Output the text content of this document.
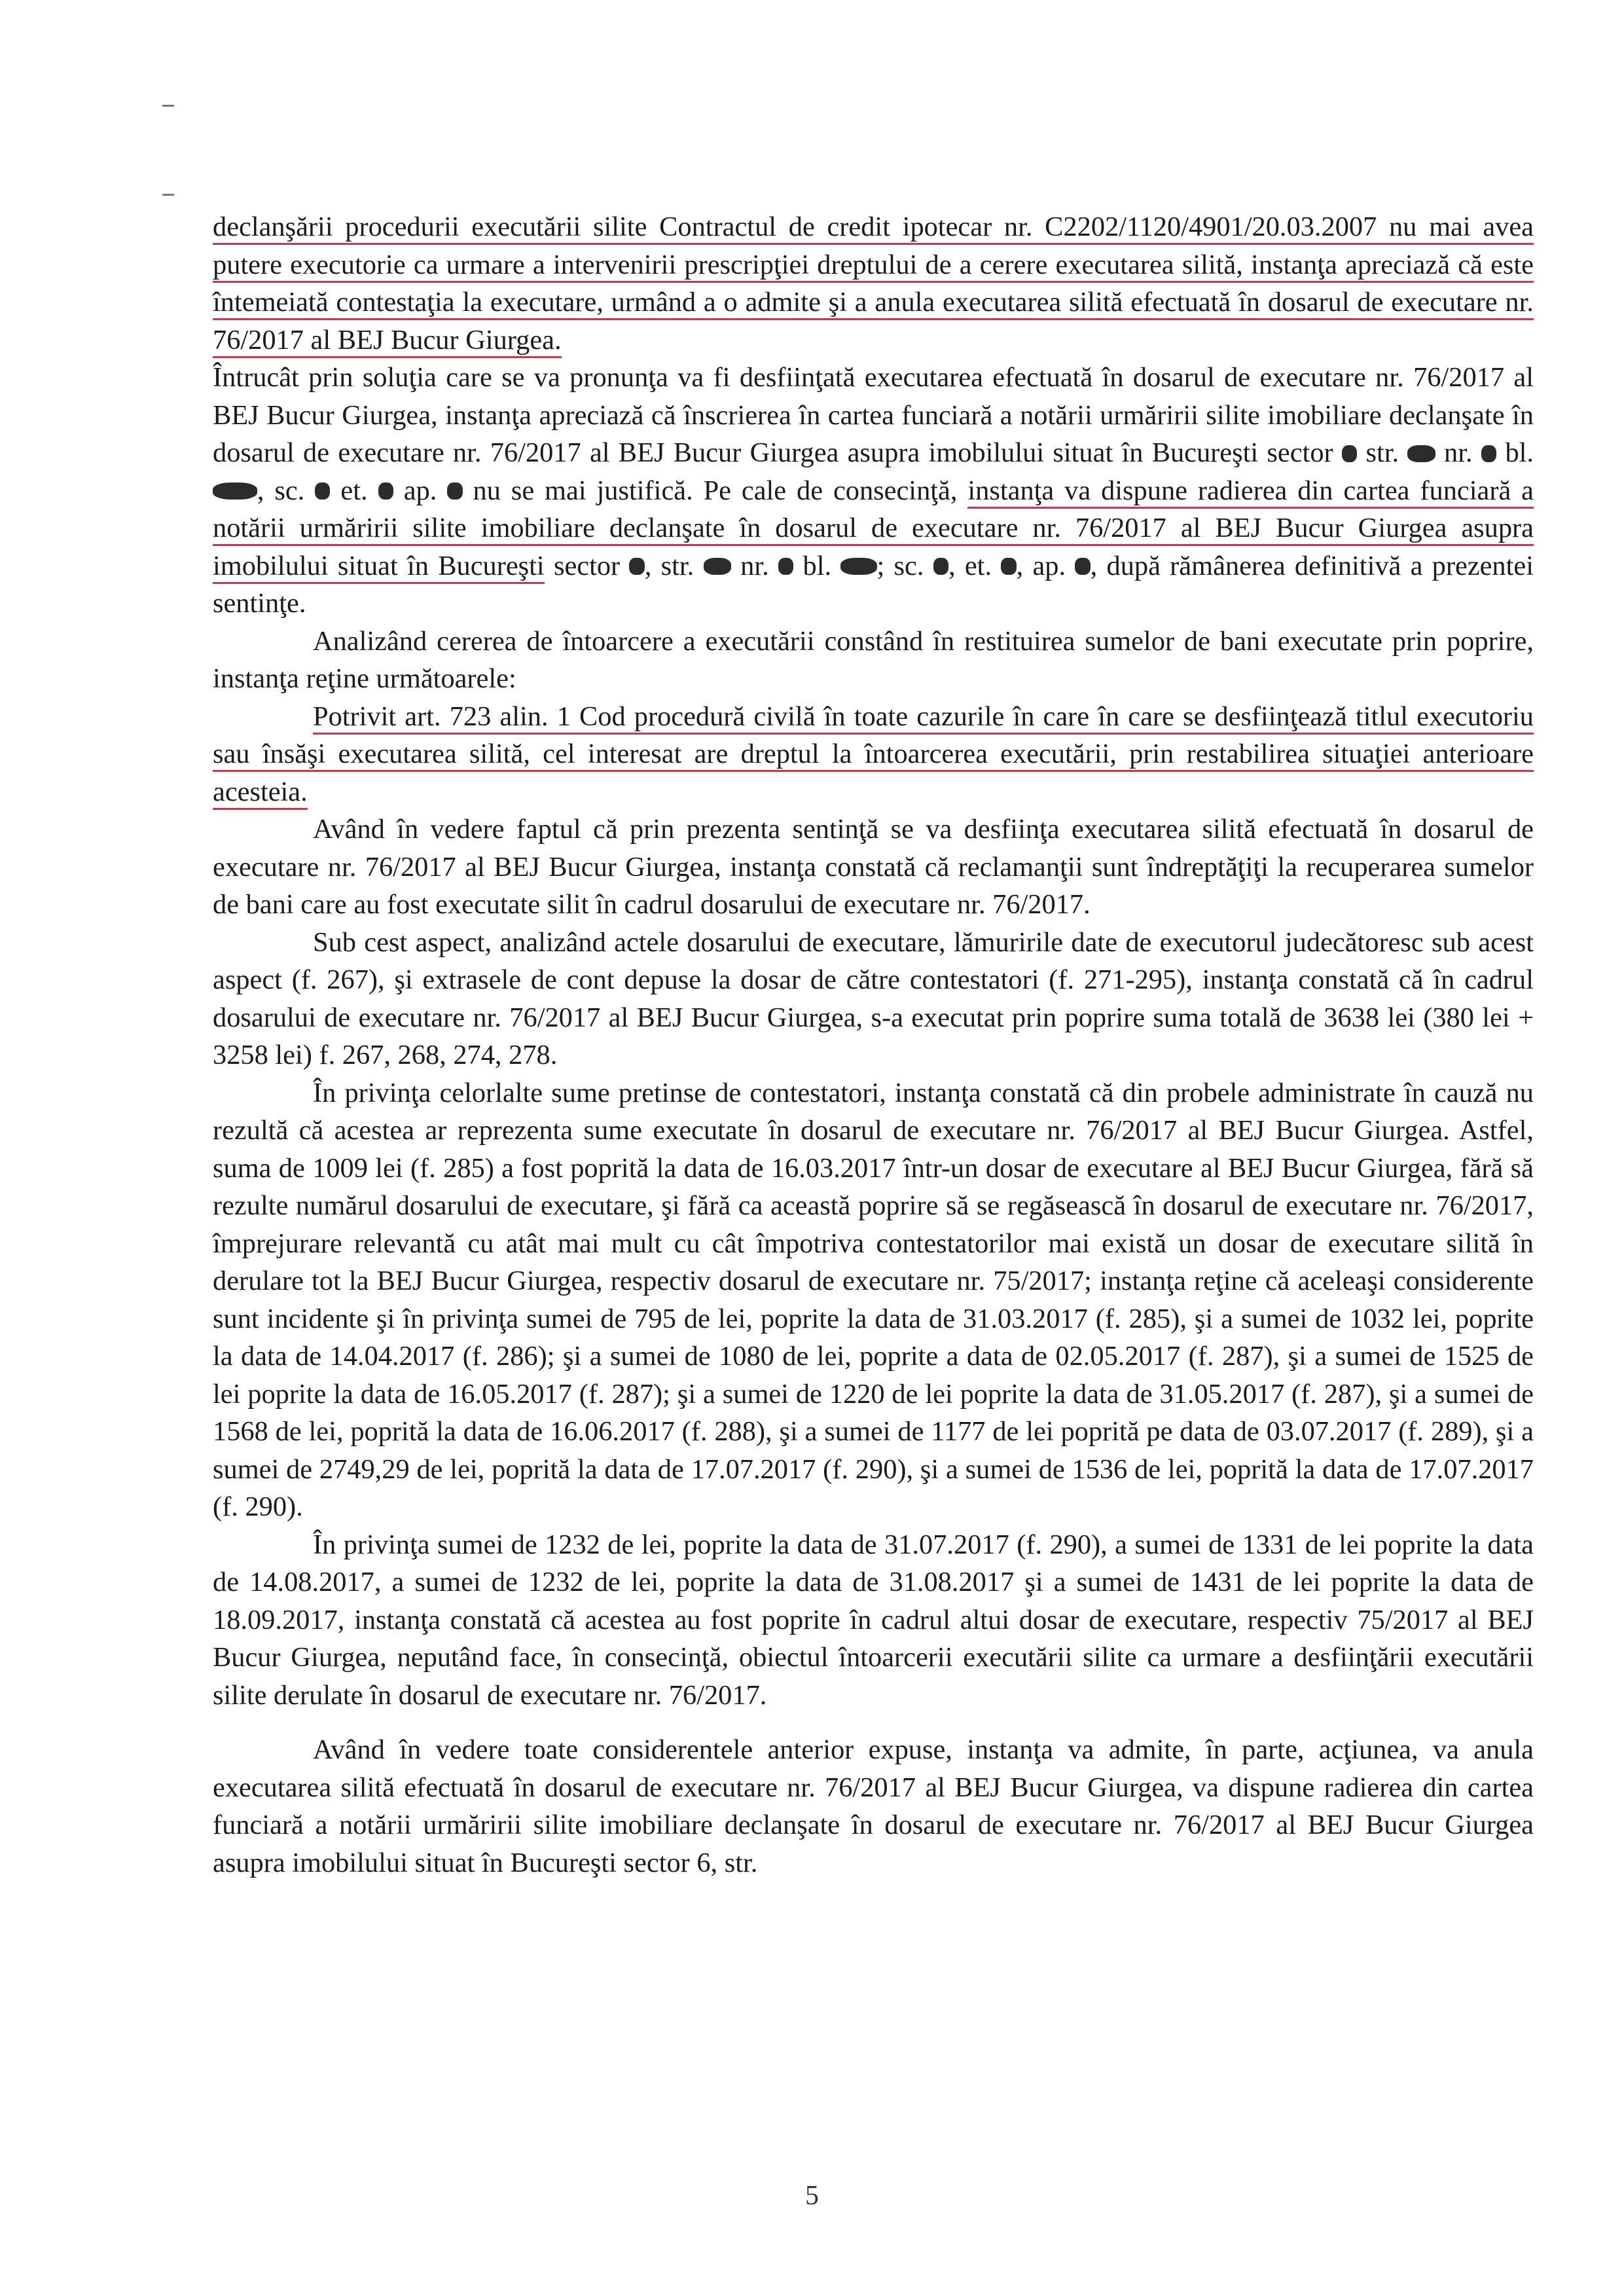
declanşării procedurii executării silite Contractul de credit ipotecar nr. C2202/1120/4901/20.03.2007 nu mai avea putere executorie ca urmare a intervenirii prescripţiei dreptului de a cerere executarea silită, instanţa apreciază că este întemeiată contestaţia la executare, urmând a o admite şi a anula executarea silită efectuată în dosarul de executare nr. 76/2017 al BEJ Bucur Giurgea.

Întrucât prin soluţia care se va pronunţa va fi desfiinţată executarea efectuată în dosarul de executare nr. 76/2017 al BEJ Bucur Giurgea, instanţa apreciază că înscrierea în cartea funciară a notării urmăririi silite imobiliare declanşate în dosarul de executare nr. 76/2017 al BEJ Bucur Giurgea asupra imobilului situat în Bucureşti sector  str.  nr.  bl. , sc.  et.  ap.  nu se mai justifică. Pe cale de consecinţă, instanţa va dispune radierea din cartea funciară a notării urmăririi silite imobiliare declanşate în dosarul de executare nr. 76/2017 al BEJ Bucur Giurgea asupra imobilului situat în Bucureşti sector , str.  nr.  bl. ; sc. , et. , ap. , după rămânerea definitivă a prezentei sentinţe.

Analizând cererea de întoarcere a executării constând în restituirea sumelor de bani executate prin poprire, instanţa reţine următoarele:

Potrivit art. 723 alin. 1 Cod procedură civilă în toate cazurile în care în care se desfiinţează titlul executoriu sau însăşi executarea silită, cel interesat are dreptul la întoarcerea executării, prin restabilirea situaţiei anterioare acesteia.

Având în vedere faptul că prin prezenta sentinţă se va desfiinţa executarea silită efectuată în dosarul de executare nr. 76/2017 al BEJ Bucur Giurgea, instanţa constată că reclamanţii sunt îndreptăţiţi la recuperarea sumelor de bani care au fost executate silit în cadrul dosarului de executare nr. 76/2017.

Sub cest aspect, analizând actele dosarului de executare, lămuririle date de executorul judecătoresc sub acest aspect (f. 267), şi extrasele de cont depuse la dosar de către contestatori (f. 271-295), instanţa constată că în cadrul dosarului de executare nr. 76/2017 al BEJ Bucur Giurgea, s-a executat prin poprire suma totală de 3638 lei (380 lei + 3258 lei) f. 267, 268, 274, 278.

În privinţa celorlalte sume pretinse de contestatori, instanţa constată că din probele administrate în cauză nu rezultă că acestea ar reprezenta sume executate în dosarul de executare nr. 76/2017 al BEJ Bucur Giurgea. Astfel, suma de 1009 lei (f. 285) a fost poprită la data de 16.03.2017 într-un dosar de executare al BEJ Bucur Giurgea, fără să rezulte numărul dosarului de executare, şi fără ca această poprire să se regăsească în dosarul de executare nr. 76/2017, împrejurare relevantă cu atât mai mult cu cât împotriva contestatorilor mai există un dosar de executare silită în derulare tot la BEJ Bucur Giurgea, respectiv dosarul de executare nr. 75/2017; instanţa reţine că aceleaşi considerente sunt incidente şi în privinţa sumei de 795 de lei, poprite la data de 31.03.2017 (f. 285), şi a sumei de 1032 lei, poprite la data de 14.04.2017 (f. 286); şi a sumei de 1080 de lei, poprite a data de 02.05.2017 (f. 287), şi a sumei de 1525 de lei poprite la data de 16.05.2017 (f. 287); şi a sumei de 1220 de lei poprite la data de 31.05.2017 (f. 287), şi a sumei de 1568 de lei, poprită la data de 16.06.2017 (f. 288), şi a sumei de 1177 de lei poprită pe data de 03.07.2017 (f. 289), şi a sumei de 2749,29 de lei, poprită la data de 17.07.2017 (f. 290), şi a sumei de 1536 de lei, poprită la data de 17.07.2017 (f. 290).

În privinţa sumei de 1232 de lei, poprite la data de 31.07.2017 (f. 290), a sumei de 1331 de lei poprite la data de 14.08.2017, a sumei de 1232 de lei, poprite la data de 31.08.2017 şi a sumei de 1431 de lei poprite la data de 18.09.2017, instanţa constată că acestea au fost poprite în cadrul altui dosar de executare, respectiv 75/2017 al BEJ Bucur Giurgea, neputând face, în consecinţă, obiectul întoarcerii executării silite ca urmare a desfiinţării executării silite derulate în dosarul de executare nr. 76/2017.

Având în vedere toate considerentele anterior expuse, instanţa va admite, în parte, acţiunea, va anula executarea silită efectuată în dosarul de executare nr. 76/2017 al BEJ Bucur Giurgea, va dispune radierea din cartea funciară a notării urmăririi silite imobiliare declanşate în dosarul de executare nr. 76/2017 al BEJ Bucur Giurgea asupra imobilului situat în Bucureşti sector 6, str.

5
